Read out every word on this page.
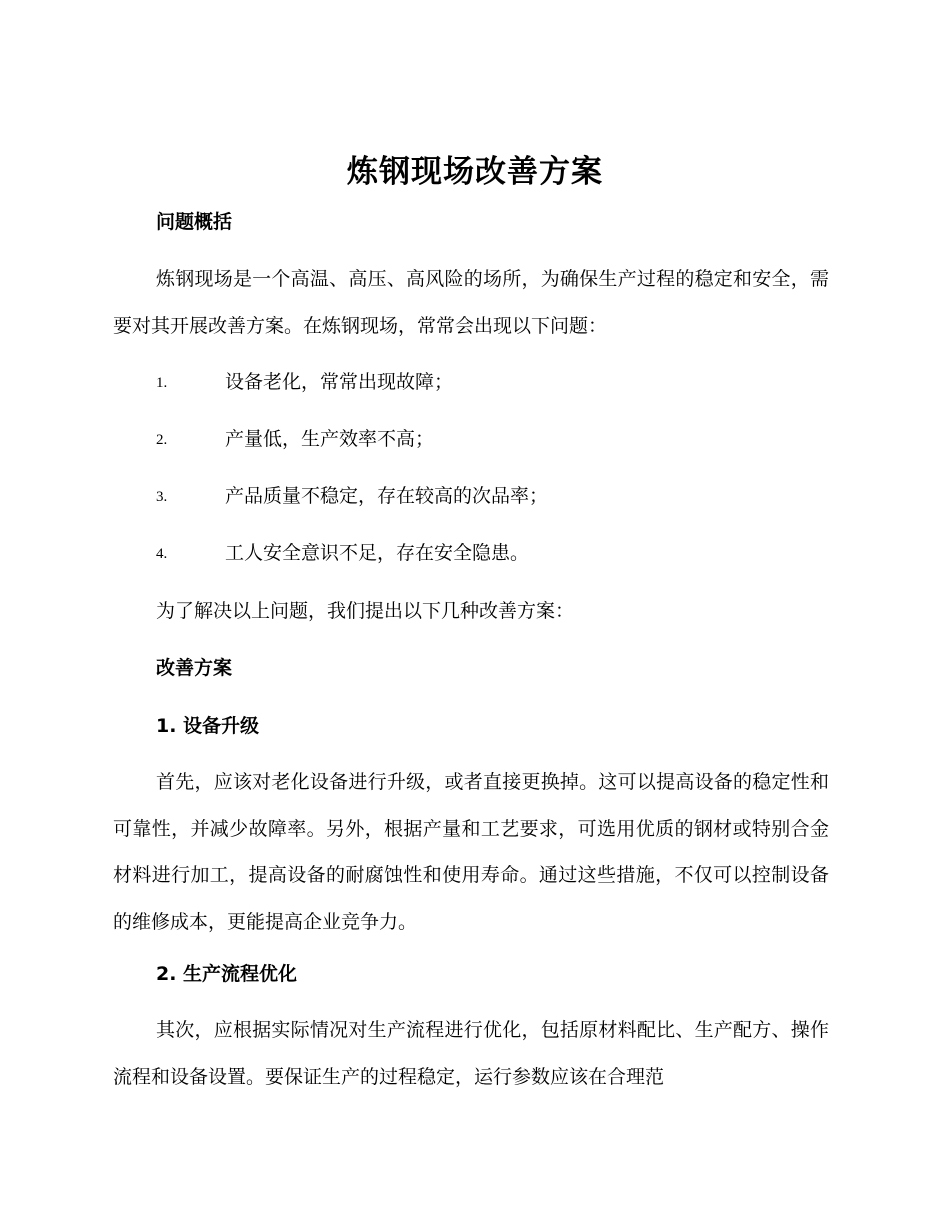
炼钢现场改善方案
问题概括

炼钢现场是一个高温、高压、高风险的场所，为确保生产过程的稳定和安全，需要对其开展改善方案。在炼钢现场，常常会出现以下问题：

1.	设备老化，常常出现故障；
2.	产量低，生产效率不高；
3.	产品质量不稳定，存在较高的次品率；
4.	工人安全意识不足，存在安全隐患。
为了解决以上问题，我们提出以下几种改善方案：
改善方案
1. 设备升级

首先，应该对老化设备进行升级，或者直接更换掉。这可以提高设备的稳定性和可靠性，并减少故障率。另外，根据产量和工艺要求，可选用优质的钢材或特别合金材料进行加工，提高设备的耐腐蚀性和使用寿命。通过这些措施，不仅可以控制设备的维修成本，更能提高企业竞争力。

2. 生产流程优化

其次，应根据实际情况对生产流程进行优化，包括原材料配比、生产配方、操作流程和设备设置。要保证生产的过程稳定，运行参数应该在合理范
